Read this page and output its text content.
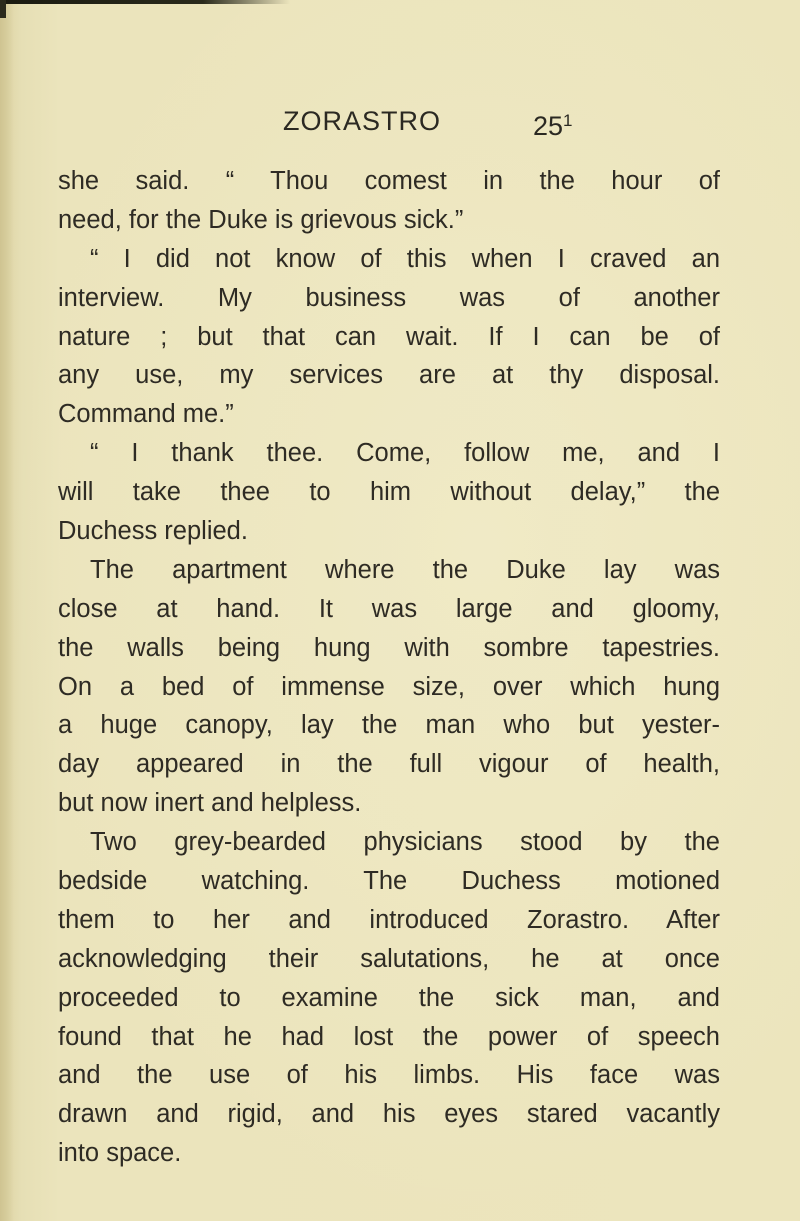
ZORASTRO	$25^1$
she said. “ Thou comest in the hour of
need, for the Duke is grievous sick.”
“ I did not know of this when I craved an
interview. My business was of another
nature ; but that can wait. If I can be of
any use, my services are at thy disposal.
Command me.”
“ I thank thee. Come, follow me, and I
will take thee to him without delay,” the
Duchess replied.
The apartment where the Duke lay was
close at hand. It was large and gloomy,
the walls being hung with sombre tapestries.
On a bed of immense size, over which hung
a huge canopy, lay the man who but yester-
day appeared in the full vigour of health,
but now inert and helpless.
Two grey-bearded physicians stood by the
bedside watching. The Duchess motioned
them to her and introduced Zorastro. After
acknowledging their salutations, he at once
proceeded to examine the sick man, and
found that he had lost the power of speech
and the use of his limbs. His face was
drawn and rigid, and his eyes stared vacantly
into space.
